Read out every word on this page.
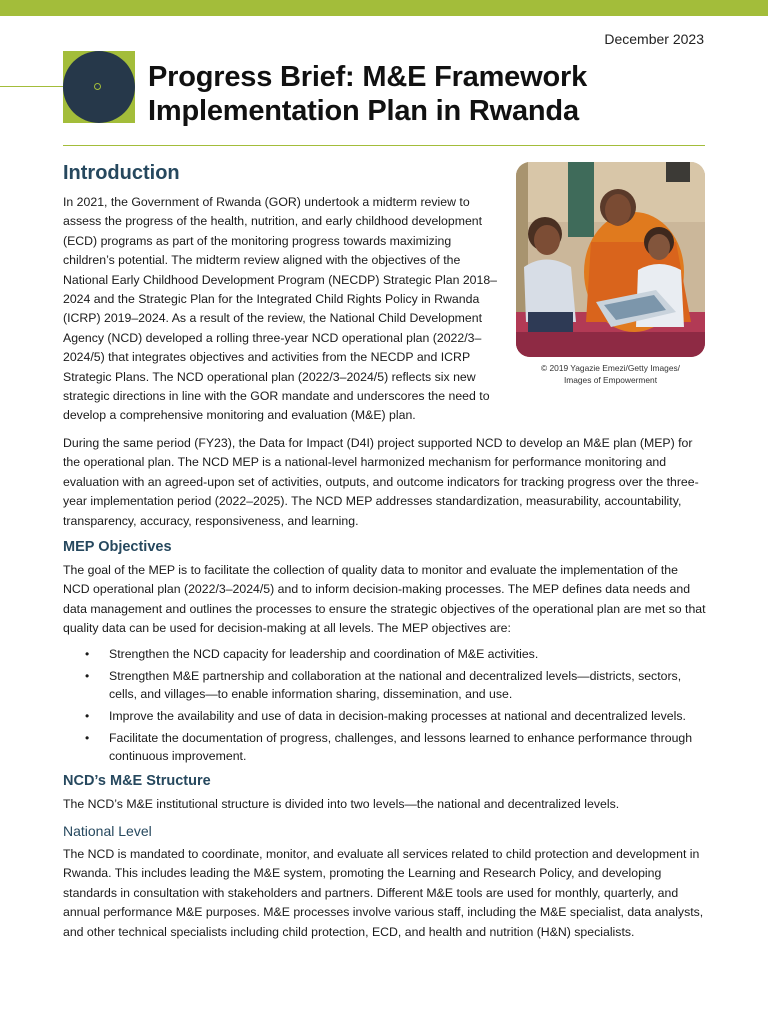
December 2023
Progress Brief: M&E Framework
Implementation Plan in Rwanda
Introduction

In 2021, the Government of Rwanda (GOR) undertook a midterm review to assess the progress of the health, nutrition, and early childhood development (ECD) programs as part of the monitoring progress towards maximizing children’s potential. The midterm review aligned with the objectives of the National Early Childhood Development Program (NECDP) Strategic Plan 2018–2024 and the Strategic Plan for the Integrated Child Rights Policy in Rwanda (ICRP) 2019–2024. As a result of the review, the National Child Development Agency (NCD) developed a rolling three-year NCD operational plan (2022/3–2024/5) that integrates objectives and activities from the NECDP and ICRP Strategic Plans. The NCD operational plan (2022/3–2024/5) reflects six new strategic directions in line with the GOR mandate and underscores the need to develop a comprehensive monitoring and evaluation (M&E) plan.

© 2019 Yagazie Emezi/Getty Images/
Images of Empowerment

During the same period (FY23), the Data for Impact (D4I) project supported NCD to develop an M&E plan (MEP) for the operational plan. The NCD MEP is a national-level harmonized mechanism for performance monitoring and evaluation with an agreed-upon set of activities, outputs, and outcome indicators for tracking progress over the three-year implementation period (2022–2025). The NCD MEP addresses standardization, measurability, accountability, transparency, accuracy, responsiveness, and learning.

MEP Objectives

The goal of the MEP is to facilitate the collection of quality data to monitor and evaluate the implementation of the NCD operational plan (2022/3–2024/5) and to inform decision-making processes. The MEP defines data needs and data management and outlines the processes to ensure the strategic objectives of the operational plan are met so that quality data can be used for decision-making at all levels. The MEP objectives are:

• Strengthen the NCD capacity for leadership and coordination of M&E activities.
• Strengthen M&E partnership and collaboration at the national and decentralized levels—districts, sectors, cells, and villages—to enable information sharing, dissemination, and use.
• Improve the availability and use of data in decision-making processes at national and decentralized levels.
• Facilitate the documentation of progress, challenges, and lessons learned to enhance performance through continuous improvement.
NCD’s M&E Structure

The NCD’s M&E institutional structure is divided into two levels—the national and decentralized levels.

National Level

The NCD is mandated to coordinate, monitor, and evaluate all services related to child protection and development in Rwanda. This includes leading the M&E system, promoting the Learning and Research Policy, and developing standards in consultation with stakeholders and partners. Different M&E tools are used for monthly, quarterly, and annual performance M&E purposes. M&E processes involve various staff, including the M&E specialist, data analysts, and other technical specialists including child protection, ECD, and health and nutrition (H&N) specialists.
